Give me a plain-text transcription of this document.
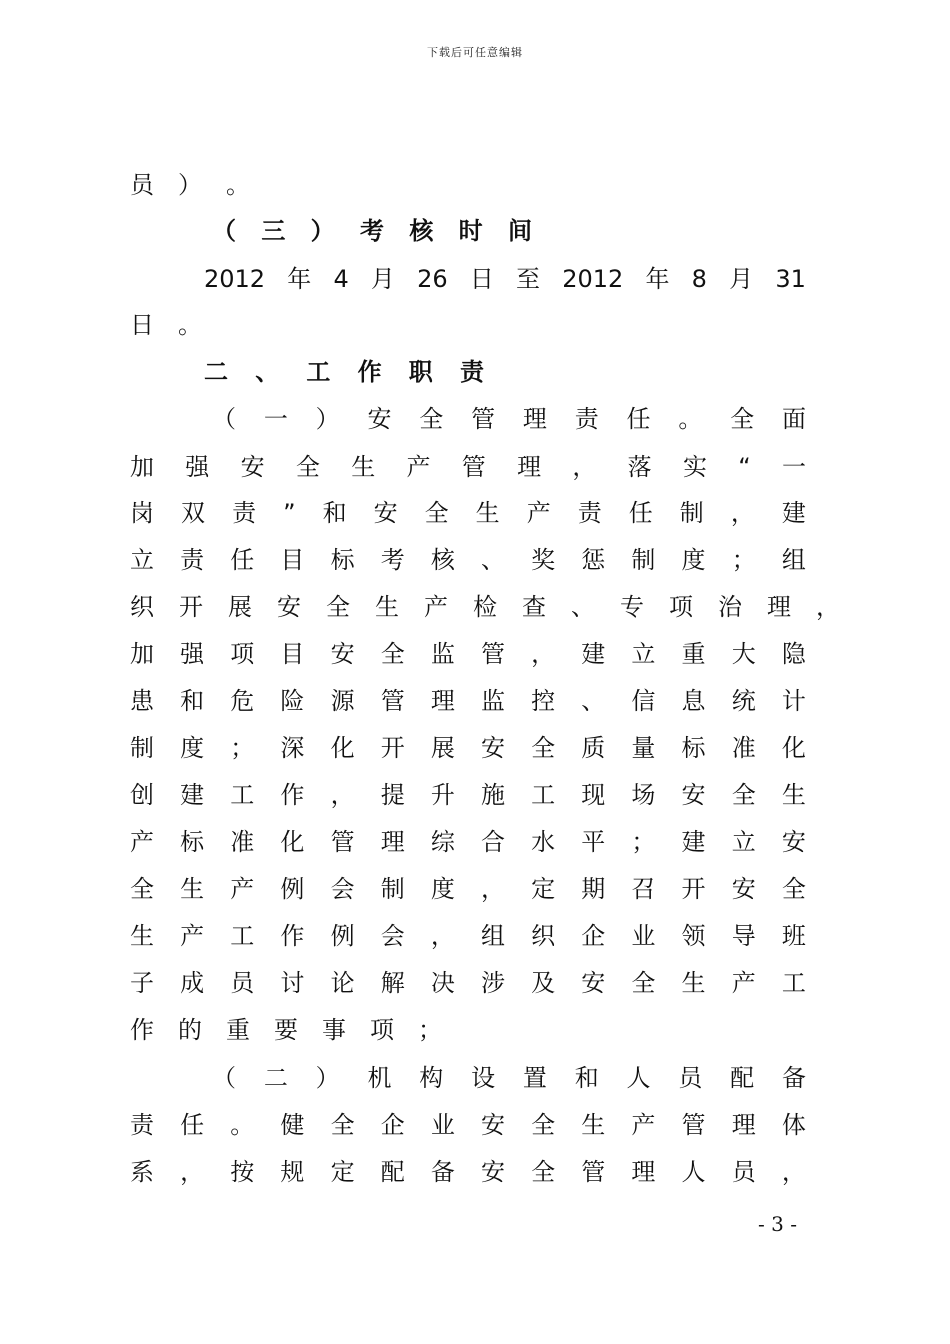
下载后可任意编辑
员 ） 。
（ 三 ） 考 核 时 间
2012 年 4 月 26 日 至 2012 年 8 月 31
日 。
二 、 工 作 职 责
（ 一 ） 安 全 管 理 责 任 。 全 面
加 强 安 全 生 产 管 理 ， 落 实 “ 一
岗 双 责 ” 和 安 全 生 产 责 任 制 ， 建
立 责 任 目 标 考 核 、 奖 惩 制 度 ； 组
织 开 展 安 全 生 产 检 查 、 专 项 治 理 ，
加 强 项 目 安 全 监 管 ， 建 立 重 大 隐
患 和 危 险 源 管 理 监 控 、 信 息 统 计
制 度 ； 深 化 开 展 安 全 质 量 标 准 化
创 建 工 作 ， 提 升 施 工 现 场 安 全 生
产 标 准 化 管 理 综 合 水 平 ； 建 立 安
全 生 产 例 会 制 度 ， 定 期 召 开 安 全
生 产 工 作 例 会 ， 组 织 企 业 领 导 班
子 成 员 讨 论 解 决 涉 及 安 全 生 产 工
作 的 重 要 事 项 ；
（ 二 ） 机 构 设 置 和 人 员 配 备
责 任 。 健 全 企 业 安 全 生 产 管 理 体
系 ， 按 规 定 配 备 安 全 管 理 人 员 ，
- 3 -
